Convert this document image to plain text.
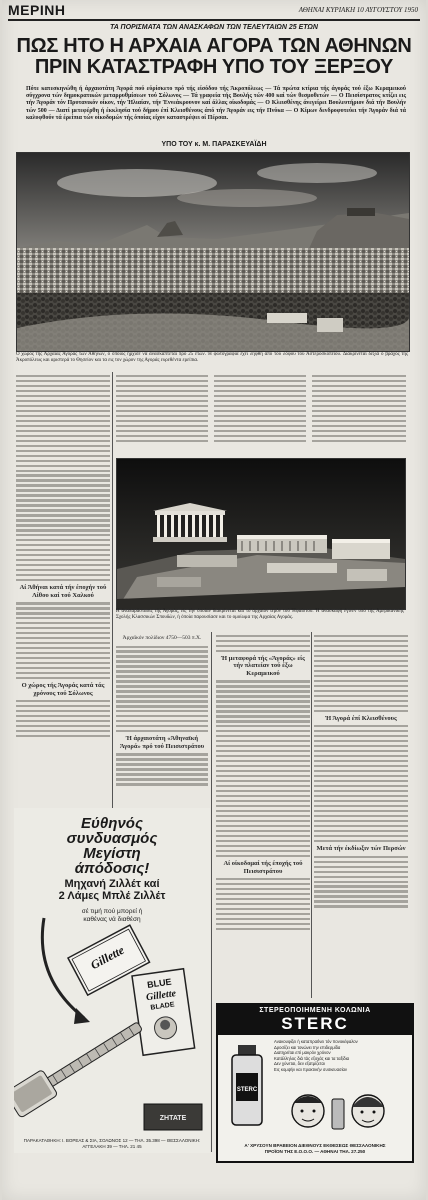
ΜΕΡΙΝΗ	ΑΘΗΝΑΙ ΚΥΡΙΑΚΗ 10 ΑΥΓΟΥΣΤΟΥ 1950
ΤΑ ΠΟΡΙΣΜΑΤΑ ΤΩΝ ΑΝΑΣΚΑΦΩΝ ΤΩΝ ΤΕΛΕΥΤΑΙΩΝ 25 ΕΤΩΝ
ΠΩΣ ΗΤΟ Η ΑΡΧΑΙΑ ΑΓΟΡΑ ΤΩΝ ΑΘΗΝΩΝ
ΠΡΙΝ ΚΑΤΑΣΤΡΑΦΗ ΥΠΟ ΤΟΥ ΞΕΡΞΟΥ
Πότε κατεσκηνώθη ή άρχαιοτάτη Άγορά πού εύρίσκετο πρό τής είσόδου τής Άκροπόλεως — Τά πρώτα κτίρια τής άγοράς τού έξω Κεραμεικού σύγχρονα τών δημοκρατικών μεταρρυθμίσεων τού Σόλωνος — Τά γραφεία τής Βουλής τών 400 καί τών θεσμοθετών — Ο Πεισίστρατος κτίζει εις τήν Άγοράν τόν Πρυτανικόν οίκον, τήν Ήλιαίαν, τήν Έννεάκρουνον καί άλλας οίκοδομάς — Ο Κλεισθένης άνεγείρει Βουλευτήριον διά τήν Βουλήν τών 500 — Διατί μετεφέρθη ή έκκλησία τού δήμου έπί Κλεισθένους άπό τήν Άγοράν εις τήν Πνύκα — Ο Κίμων δενδροφυτεύει τήν Άγοράν διά τά καλυφθούν τά έρείπια τών οίκοδομών τής όποίας είχον καταστρέψει οί Πέρσαι.
ΥΠΟ ΤΟΥ κ. Μ. ΠΑΡΑΣΚΕΥΑΪΔΗ
Ο χώρος τής Άρχαίας Άγοράς τών Άθηνών, ό όποίος ήρχισε νά άνασκάπτεται πρό 25 ετών. Ή φωτογραφία έχει ληφθή από τού λόφου τού Άστεροσκοπείου. Διακρίνεται δεξιά ό βράχος τής Άκροπόλεως και αριστερά το Θησείον και τα εις τον χώρον της Αγοράς ευρεθέντα ερείπια.
Αί Άθήναι κατά τήν έποχήν τού Λίθου καί τού Χαλκού
Ο χώρος τής Άγοράς κατά τάς χρόνους τού Σόλωνος
Η άναπαράστασις τής Άγοράς, είς τήν όποίαν διακρίνεται και τό άρχαίον ιερόν τού Ήφαίστου. Ή άνασκαφή έγινεν υπό τής Αμερικανικής Σχολής Κλασσικών Σπουδών, ή όποία παρουσίασε και το ομοίωμα της Αρχαίας Αγοράς.
Άρχαϊκόν πολίδιον 4750—503 π.Χ.
Ή άρχαιοτάτη «Άθηναϊκή Άγορά» πρό τού Πεισιστράτου
Ή μεταφορά τής «Άγοράς» είς τήν πλατείαν τού έξω Κεραμεικού
Αί οίκοδομαί τής έποχής τού Πεισιστράτου
Ή Άγορά έπί Κλεισθένους
Μετά τήν έκδίωξιν τών Περσών
Εύθηνός
συνδυασμός
Μεγίστη
άπόδοσις!
Μηχανή Ζιλλέτ καί
2 Λάμες Μπλέ Ζιλλέτ
σέ τιμή πού μπορεί ή
καθένας νά διαθέση
Gillette
BLUE
Gillette
BLADE
ΖΗΤΑΤΕ
ΠΑΡΑΚΑΤΑΘΗΚΗ: Ι. ΒΟΡΕΑΣ & ΣΙΑ, ΣΟΛΩΝΟΣ 12 — ΤΗΛ. 35.398 — ΘΕΣΣΑΛΟΝΙΚΗ: ΑΓΓΕΛΑΚΗ 39 — ΤΗΛ. 21 45
ΣΤΕΡΕΟΠΟΙΗΜΕΝΗ ΚΟΛΩΝΙΑ
STERC
STERC
Ανακουφίζει ή καταπραΰνει τόν πονοκέφαλον
Δροσίζει και τονώνει την επιδερμίδα
Διατηρείται επί μακρόν χρόνον
Κατάλληλος διά τάς εξοχάς και τα ταξίδια
Δεν χύνεται, δεν εξατμίζεται
Εις κομψήν και πρακτικήν συσκευασίαν
Α' ΧΡΥΣΟΥΝ ΒΡΑΒΕΙΟΝ ΔΙΕΘΝΟΥΣ ΕΚΘΕΣΕΩΣ ΘΕΣΣΑΛΟΝΙΚΗΣ
ΠΡΟΪΟΝ ΤΗΣ Ε.Ο.Ο.Ο. — ΑΘΗΝΑΙ ΤΗΛ. 27.250
